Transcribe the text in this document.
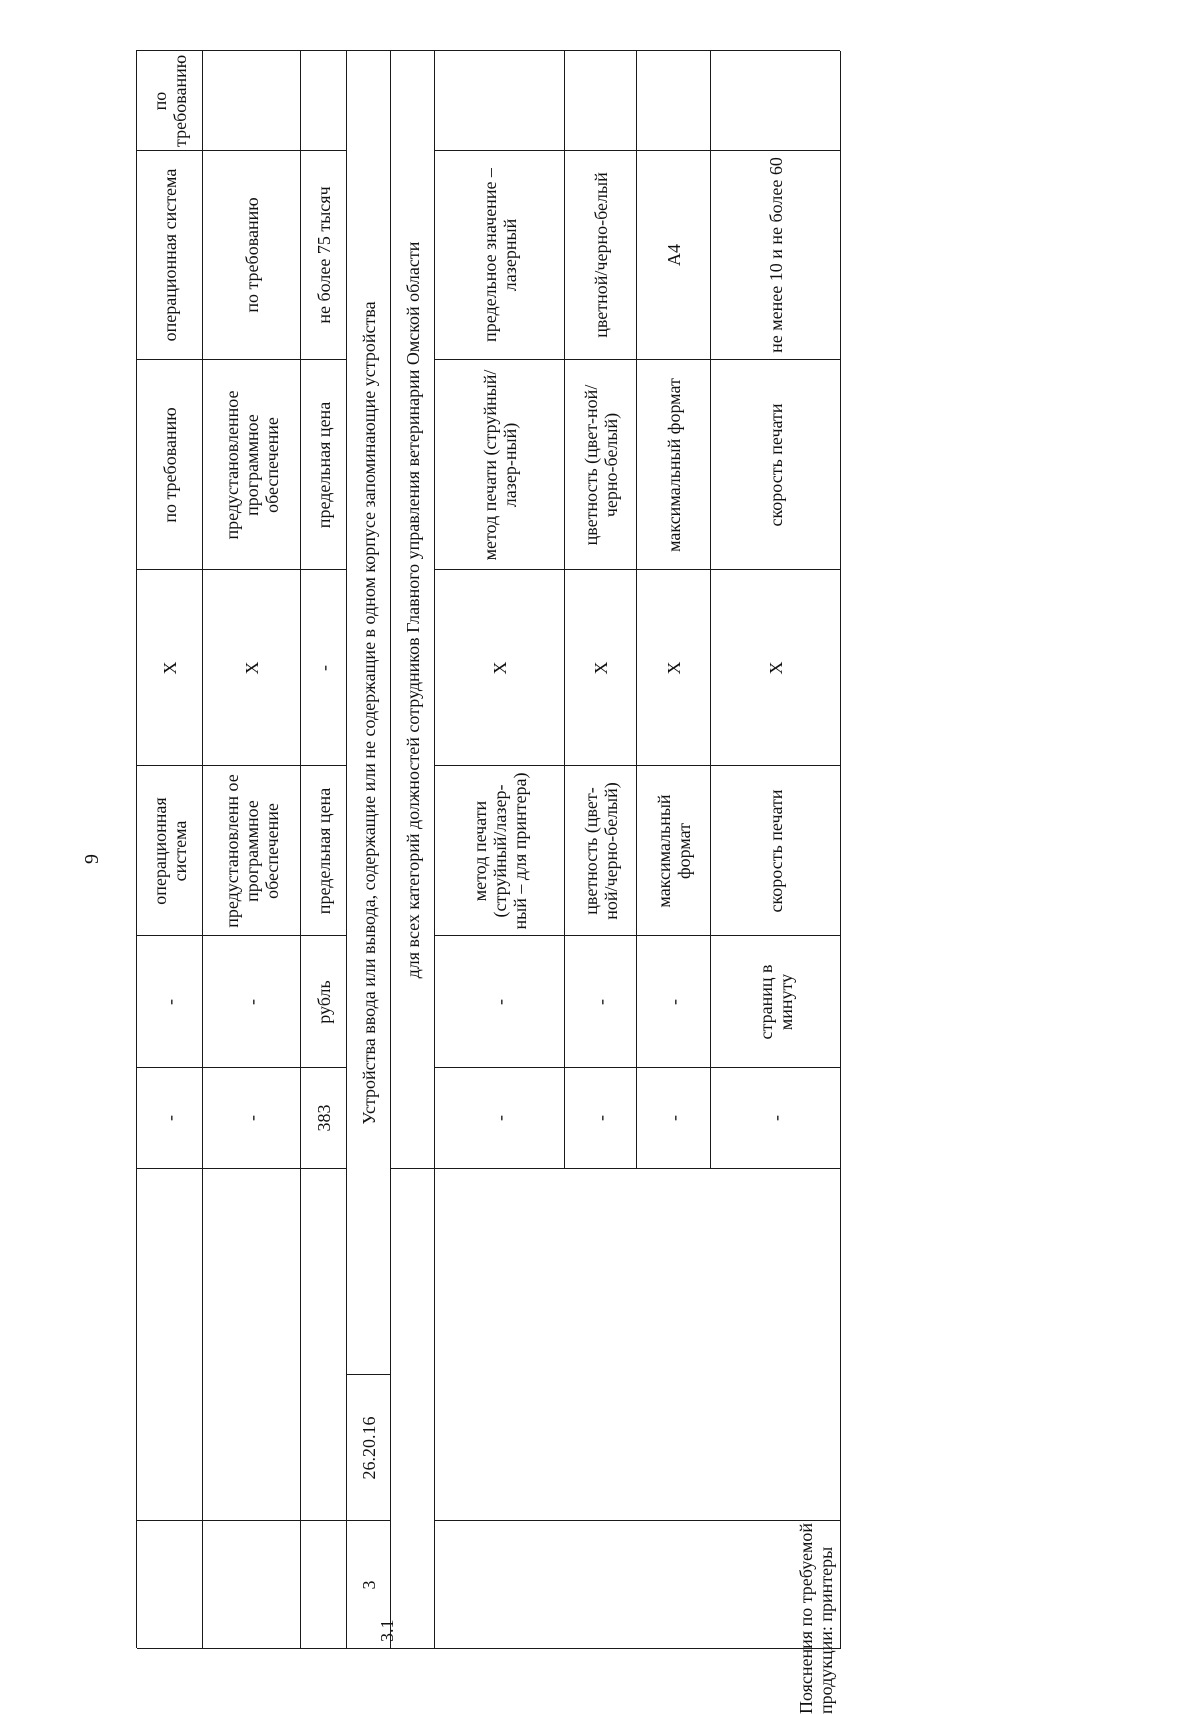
9
по требованию
операционная система
по требованию
X
операционная система
-
-
по требованию
предустановленное программное обеспечение
X
предустановленн ое программное обеспечение
-
-
не более 75 тысяч
предельная цена
-
предельная цена
рубль
383 Устройства ввода или вывода, содержащие или не содержащие в одном корпусе запоминающие устройства
26.20.16
3
для всех категорий должностей сотрудников Главного управления ветеринарии Омской области
3.1	Пояснения по требуемой продукции: принтеры
предельное значение – лазерный
метод печати (струйный/лазер-ный)
X
метод печати (струйный/лазер-ный – для принтера)
-
-
цветной/черно-белый
цветность (цвет-ной/черно-белый)
X
цветность (цвет-ной/черно-белый)
-
-
А4
максимальный формат
X
максимальный формат
-
-
не менее 10 и не более 60
скорость печати
X
скорость печати
страниц в минуту
-
